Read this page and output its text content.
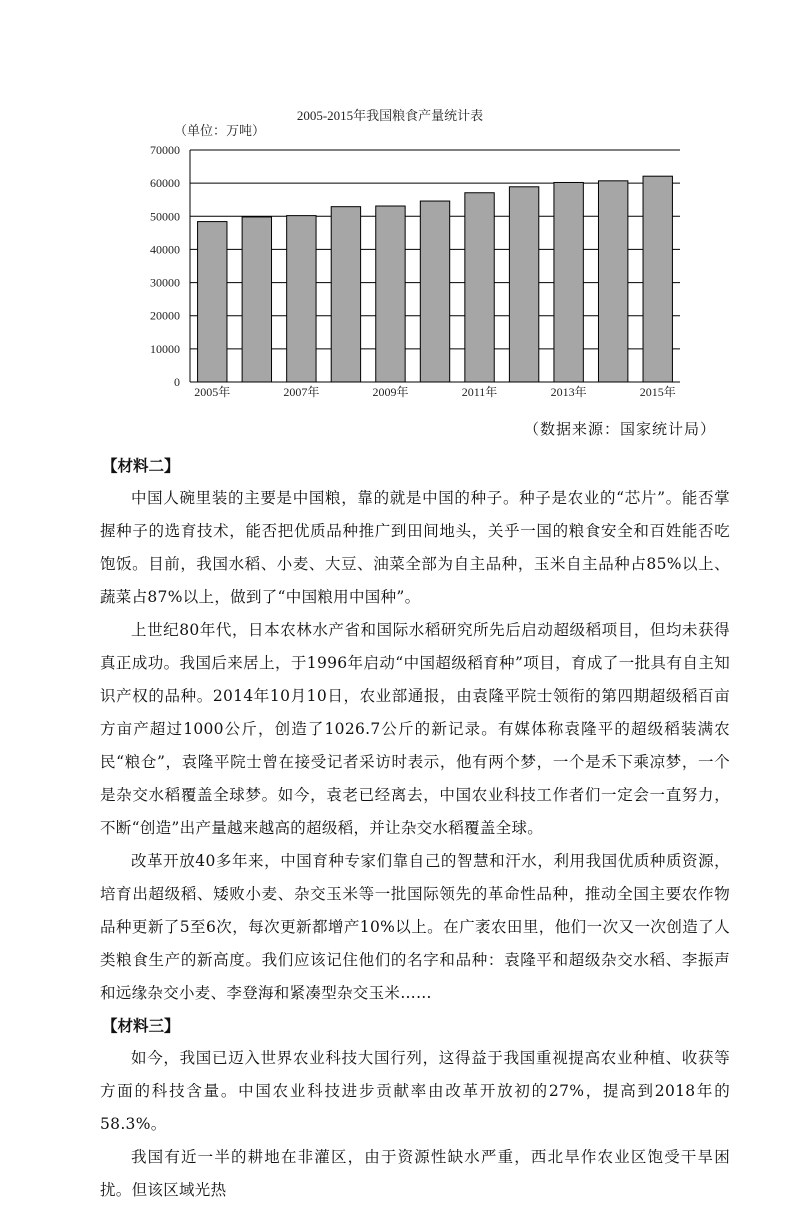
2005-2015年我国粮食产量统计表
（单位：万吨）
0
10000
20000
30000
40000
50000
60000
70000
2005年	2007年	2009年	2011年	2013年	2015年
（数据来源：国家统计局）

【材料二】

中国人碗里装的主要是中国粮，靠的就是中国的种子。种子是农业的“芯片”。能否掌握种子的选育技术，能否把优质品种推广到田间地头，关乎一国的粮食安全和百姓能否吃饱饭。目前，我国水稻、小麦、大豆、油菜全部为自主品种，玉米自主品种占85%以上、蔬菜占87%以上，做到了“中国粮用中国种”。

上世纪80年代，日本农林水产省和国际水稻研究所先后启动超级稻项目，但均未获得真正成功。我国后来居上，于1996年启动“中国超级稻育种”项目，育成了一批具有自主知识产权的品种。2014年10月10日，农业部通报，由袁隆平院士领衔的第四期超级稻百亩方亩产超过1000公斤，创造了1026.7公斤的新记录。有媒体称袁隆平的超级稻装满农民“粮仓”，袁隆平院士曾在接受记者采访时表示，他有两个梦，一个是禾下乘凉梦，一个是杂交水稻覆盖全球梦。如今，袁老已经离去，中国农业科技工作者们一定会一直努力，不断“创造”出产量越来越高的超级稻，并让杂交水稻覆盖全球。

改革开放40多年来，中国育种专家们靠自己的智慧和汗水，利用我国优质种质资源，培育出超级稻、矮败小麦、杂交玉米等一批国际领先的革命性品种，推动全国主要农作物品种更新了5至6次，每次更新都增产10%以上。在广袤农田里，他们一次又一次创造了人类粮食生产的新高度。我们应该记住他们的名字和品种：袁隆平和超级杂交水稻、李振声和远缘杂交小麦、李登海和紧凑型杂交玉米……

【材料三】

如今，我国已迈入世界农业科技大国行列，这得益于我国重视提高农业种植、收获等方面的科技含量。中国农业科技进步贡献率由改革开放初的27%，提高到2018年的58.3%。

我国有近一半的耕地在非灌区，由于资源性缺水严重，西北旱作农业区饱受干旱困扰。但该区域光热
